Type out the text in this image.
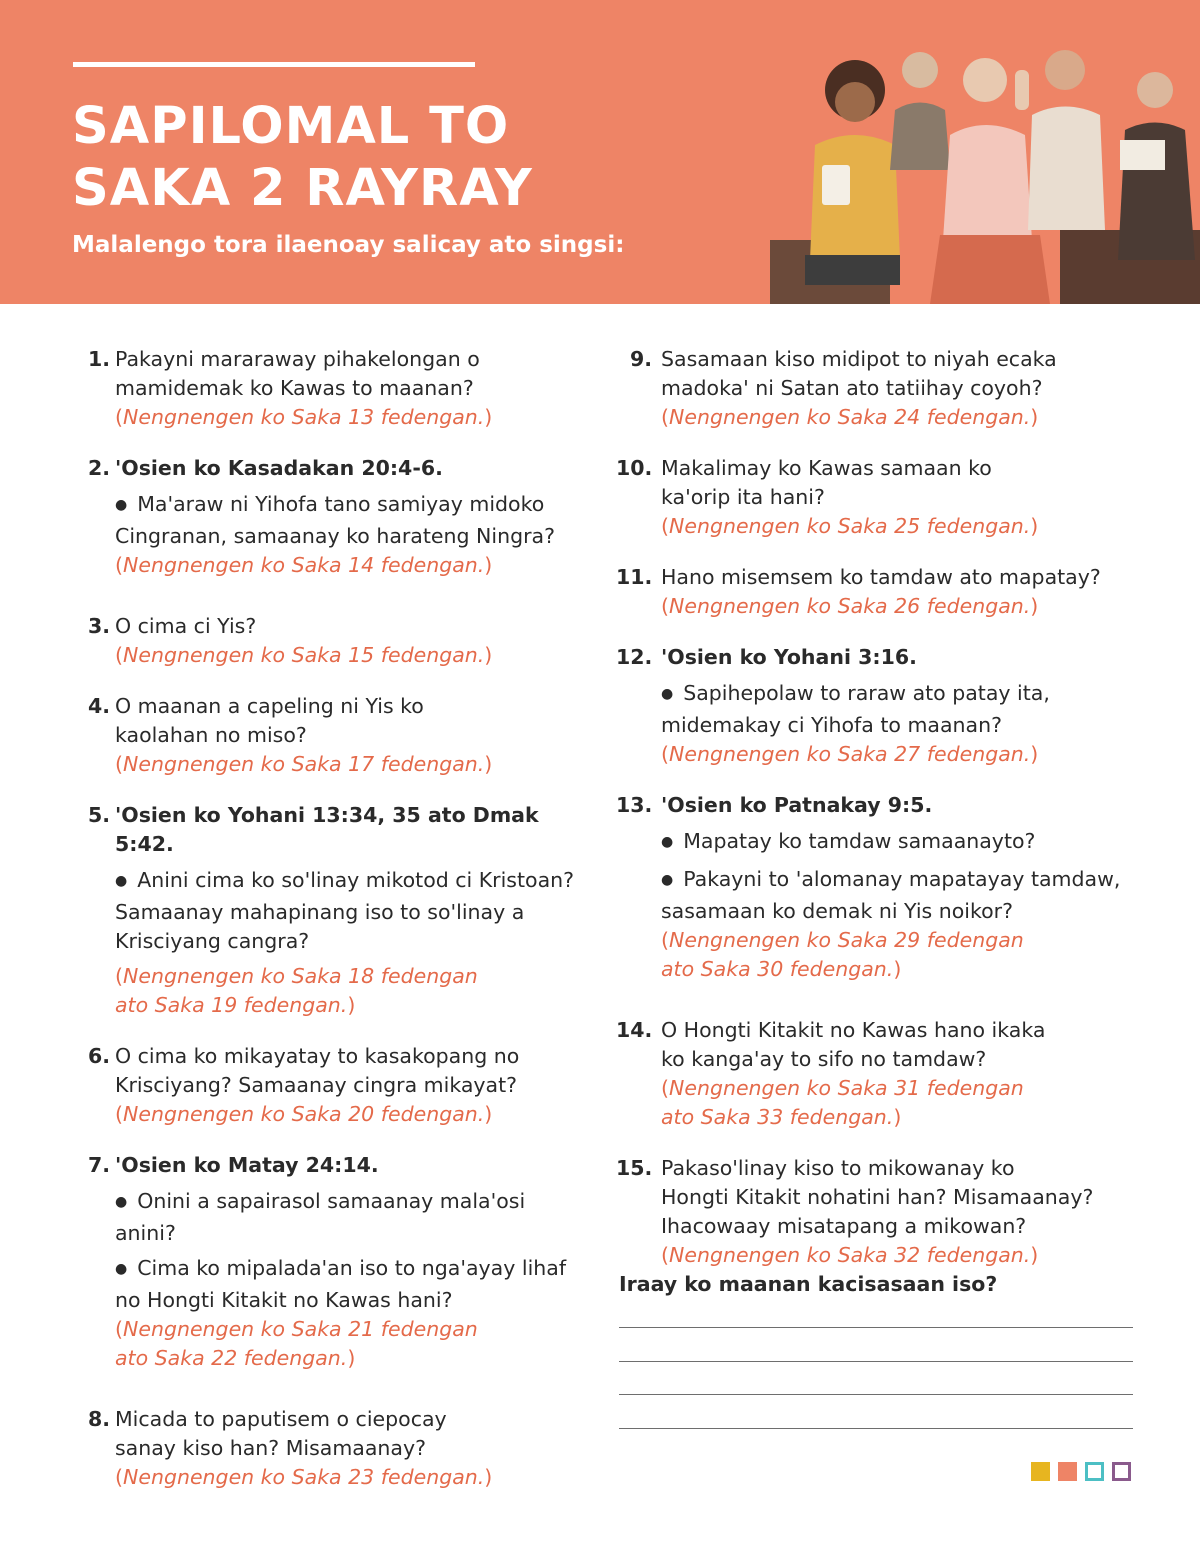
SAPILOMAL TO
SAKA 2 RAYRAY

Malalengo tora ilaenoay salicay ato singsi:

1. Pakayni mararaway pihakelongan o
mamidemak ko Kawas to maanan?
(Nengnengen ko Saka 13 fedengan.)
2. 'Osien ko Kasadakan 20:4-6.
● Ma'araw ni Yihofa tano samiyay midoko
Cingranan, samaanay ko harateng Ningra?
(Nengnengen ko Saka 14 fedengan.)
3. O cima ci Yis?
(Nengnengen ko Saka 15 fedengan.)
4. O maanan a capeling ni Yis ko
kaolahan no miso?
(Nengnengen ko Saka 17 fedengan.)
5. 'Osien ko Yohani 13:34, 35 ato Dmak 5:42.
● Anini cima ko so'linay mikotod ci Kristoan?
Samaanay mahapinang iso to so'linay a
Krisciyang cangra?
(Nengnengen ko Saka 18 fedengan
ato Saka 19 fedengan.)
6. O cima ko mikayatay to kasakopang no
Krisciyang? Samaanay cingra mikayat?
(Nengnengen ko Saka 20 fedengan.)
7. 'Osien ko Matay 24:14.
● Onini a sapairasol samaanay mala'osi
anini?
● Cima ko mipalada'an iso to nga'ayay lihaf
no Hongti Kitakit no Kawas hani?
(Nengnengen ko Saka 21 fedengan
ato Saka 22 fedengan.)
8. Micada to paputisem o ciepocay
sanay kiso han? Misamaanay?
(Nengnengen ko Saka 23 fedengan.)
9. Sasamaan kiso midipot to niyah ecaka
madoka' ni Satan ato tatiihay coyoh?
(Nengnengen ko Saka 24 fedengan.)
10. Makalimay ko Kawas samaan ko
ka'orip ita hani?
(Nengnengen ko Saka 25 fedengan.)
11. Hano misemsem ko tamdaw ato mapatay?
(Nengnengen ko Saka 26 fedengan.)
12. 'Osien ko Yohani 3:16.
● Sapihepolaw to raraw ato patay ita,
midemakay ci Yihofa to maanan?
(Nengnengen ko Saka 27 fedengan.)
13. 'Osien ko Patnakay 9:5.
● Mapatay ko tamdaw samaanayto?
● Pakayni to 'alomanay mapatayay tamdaw,
sasamaan ko demak ni Yis noikor?
(Nengnengen ko Saka 29 fedengan
ato Saka 30 fedengan.)
14. O Hongti Kitakit no Kawas hano ikaka
ko kanga'ay to sifo no tamdaw?
(Nengnengen ko Saka 31 fedengan
ato Saka 33 fedengan.)
15. Pakaso'linay kiso to mikowanay ko
Hongti Kitakit nohatini han? Misamaanay?
Ihacowaay misatapang a mikowan?
(Nengnengen ko Saka 32 fedengan.)
Iraay ko maanan kacisasaan iso?
